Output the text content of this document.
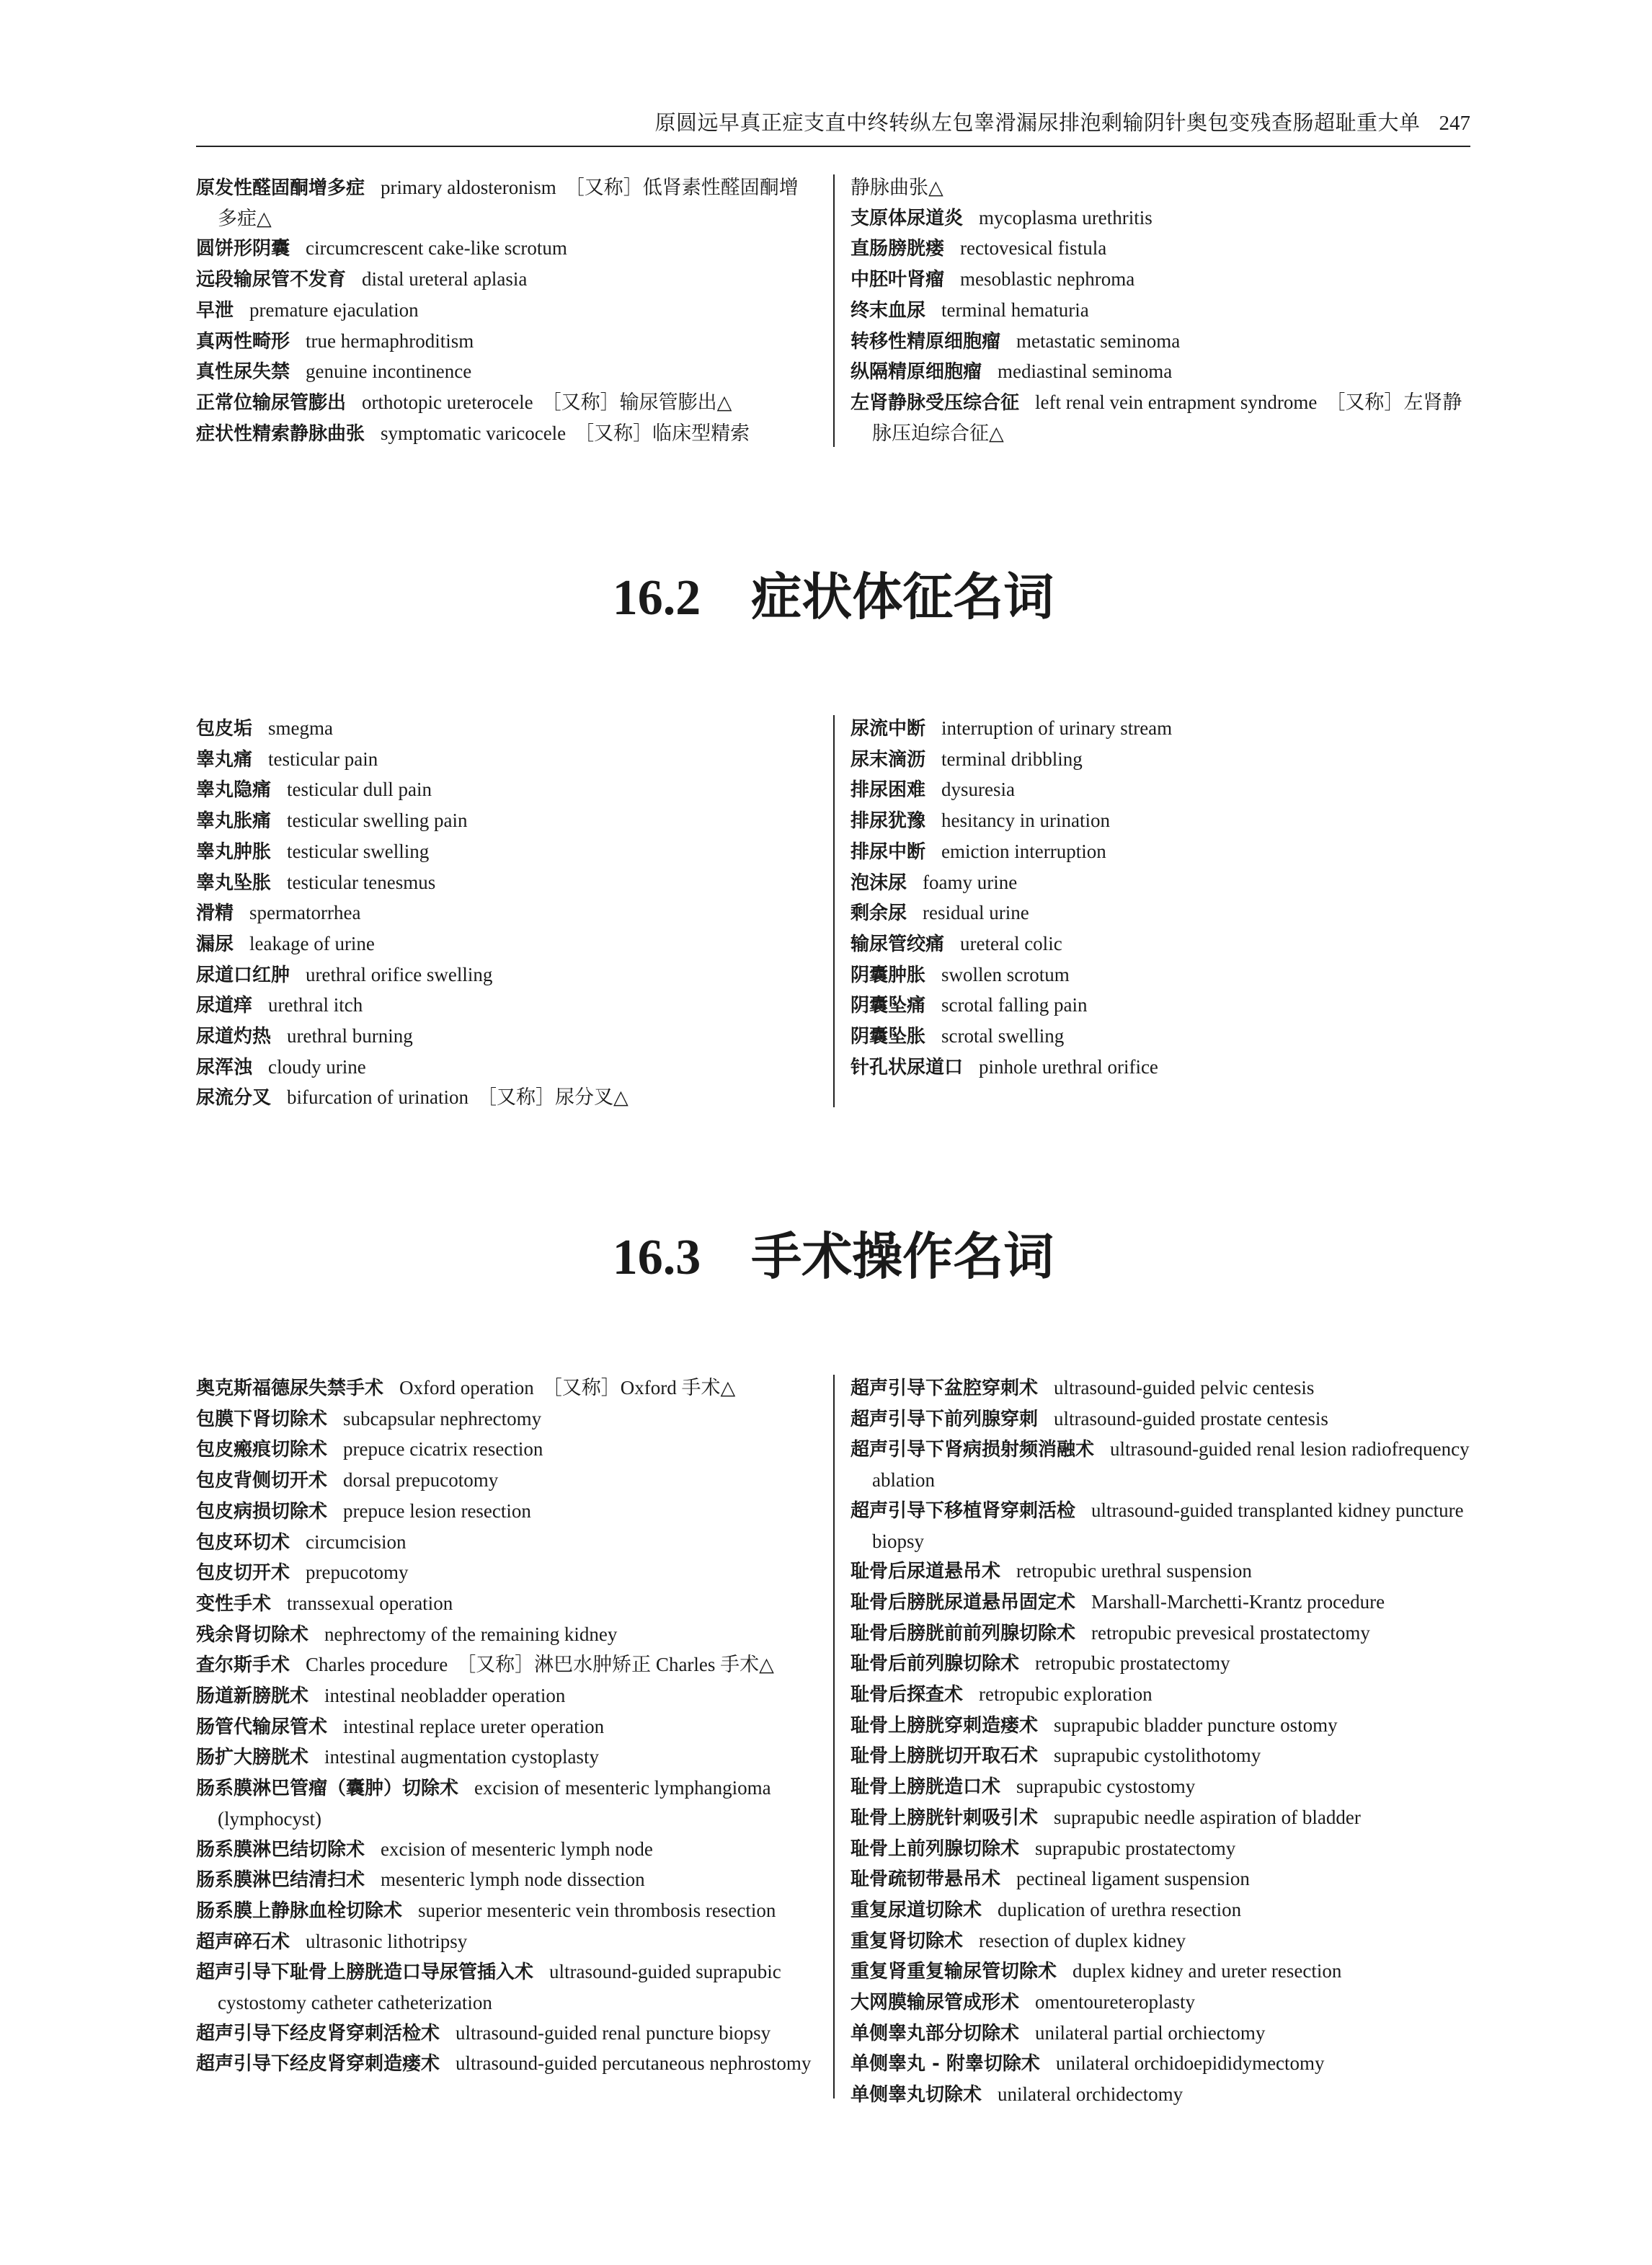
原圆远早真正症支直中终转纵左包睾滑漏尿排泡剩输阴针奥包变残查肠超耻重大单 247
原发性醛固酮增多症 primary aldosteronism ［又称］低肾素性醛固酮增多症△
圆饼形阴囊 circumcrescent cake-like scrotum
远段输尿管不发育 distal ureteral aplasia
早泄 premature ejaculation
真两性畸形 true hermaphroditism
真性尿失禁 genuine incontinence
正常位输尿管膨出 orthotopic ureterocele ［又称］输尿管膨出△
症状性精索静脉曲张 symptomatic varicocele ［又称］临床型精索
静脉曲张△
支原体尿道炎 mycoplasma urethritis
直肠膀胱瘘 rectovesical fistula
中胚叶肾瘤 mesoblastic nephroma
终末血尿 terminal hematuria
转移性精原细胞瘤 metastatic seminoma
纵隔精原细胞瘤 mediastinal seminoma
左肾静脉受压综合征 left renal vein entrapment syndrome ［又称］左肾静脉压迫综合征△
16.2 症状体征名词
包皮垢 smegma
睾丸痛 testicular pain
睾丸隐痛 testicular dull pain
睾丸胀痛 testicular swelling pain
睾丸肿胀 testicular swelling
睾丸坠胀 testicular tenesmus
滑精 spermatorrhea
漏尿 leakage of urine
尿道口红肿 urethral orifice swelling
尿道痒 urethral itch
尿道灼热 urethral burning
尿浑浊 cloudy urine
尿流分叉 bifurcation of urination ［又称］尿分叉△
尿流中断 interruption of urinary stream
尿末滴沥 terminal dribbling
排尿困难 dysuresia
排尿犹豫 hesitancy in urination
排尿中断 emiction interruption
泡沫尿 foamy urine
剩余尿 residual urine
输尿管绞痛 ureteral colic
阴囊肿胀 swollen scrotum
阴囊坠痛 scrotal falling pain
阴囊坠胀 scrotal swelling
针孔状尿道口 pinhole urethral orifice
16.3 手术操作名词
奥克斯福德尿失禁手术 Oxford operation ［又称］Oxford 手术△
包膜下肾切除术 subcapsular nephrectomy
包皮瘢痕切除术 prepuce cicatrix resection
包皮背侧切开术 dorsal prepucotomy
包皮病损切除术 prepuce lesion resection
包皮环切术 circumcision
包皮切开术 prepucotomy
变性手术 transsexual operation
残余肾切除术 nephrectomy of the remaining kidney
查尔斯手术 Charles procedure ［又称］淋巴水肿矫正 Charles 手术△
肠道新膀胱术 intestinal neobladder operation
肠管代输尿管术 intestinal replace ureter operation
肠扩大膀胱术 intestinal augmentation cystoplasty
肠系膜淋巴管瘤（囊肿）切除术 excision of mesenteric lymphangioma (lymphocyst)
肠系膜淋巴结切除术 excision of mesenteric lymph node
肠系膜淋巴结清扫术 mesenteric lymph node dissection
肠系膜上静脉血栓切除术 superior mesenteric vein thrombosis resection
超声碎石术 ultrasonic lithotripsy
超声引导下耻骨上膀胱造口导尿管插入术 ultrasound-guided suprapubic cystostomy catheter catheterization
超声引导下经皮肾穿刺活检术 ultrasound-guided renal puncture biopsy
超声引导下经皮肾穿刺造瘘术 ultrasound-guided percutaneous nephrostomy
超声引导下盆腔穿刺术 ultrasound-guided pelvic centesis
超声引导下前列腺穿刺 ultrasound-guided prostate centesis
超声引导下肾病损射频消融术 ultrasound-guided renal lesion radiofrequency ablation
超声引导下移植肾穿刺活检 ultrasound-guided transplanted kidney puncture biopsy
耻骨后尿道悬吊术 retropubic urethral suspension
耻骨后膀胱尿道悬吊固定术 Marshall-Marchetti-Krantz procedure
耻骨后膀胱前前列腺切除术 retropubic prevesical prostatectomy
耻骨后前列腺切除术 retropubic prostatectomy
耻骨后探查术 retropubic exploration
耻骨上膀胱穿刺造瘘术 suprapubic bladder puncture ostomy
耻骨上膀胱切开取石术 suprapubic cystolithotomy
耻骨上膀胱造口术 suprapubic cystostomy
耻骨上膀胱针刺吸引术 suprapubic needle aspiration of bladder
耻骨上前列腺切除术 suprapubic prostatectomy
耻骨疏韧带悬吊术 pectineal ligament suspension
重复尿道切除术 duplication of urethra resection
重复肾切除术 resection of duplex kidney
重复肾重复输尿管切除术 duplex kidney and ureter resection
大网膜输尿管成形术 omentoureteroplasty
单侧睾丸部分切除术 unilateral partial orchiectomy
单侧睾丸 - 附睾切除术 unilateral orchidoepididymectomy
单侧睾丸切除术 unilateral orchidectomy
